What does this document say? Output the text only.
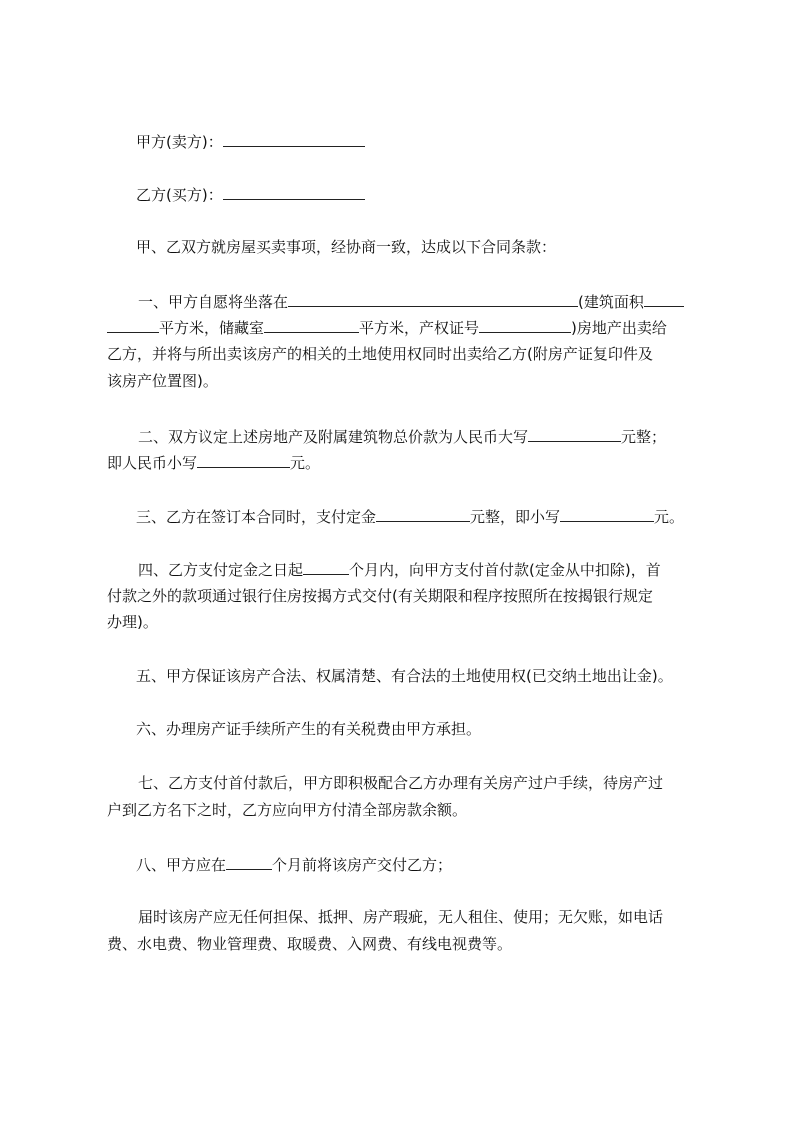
甲方(卖方)：
乙方(买方)：
甲、乙双方就房屋买卖事项，经协商一致，达成以下合同条款：
一、甲方自愿将坐落在	(建筑面积
平方米，储藏室	平方米，产权证号	)房地产出卖给
乙方，并将与所出卖该房产的相关的土地使用权同时出卖给乙方(附房产证复印件及
该房产位置图)。
二、双方议定上述房地产及附属建筑物总价款为人民币大写	元整；
即人民币小写	元。
三、乙方在签订本合同时，支付定金	元整，即小写	元。
四、乙方支付定金之日起	个月内，向甲方支付首付款(定金从中扣除)，首
付款之外的款项通过银行住房按揭方式交付(有关期限和程序按照所在按揭银行规定
办理)。
五、甲方保证该房产合法、权属清楚、有合法的土地使用权(已交纳土地出让金)。
六、办理房产证手续所产生的有关税费由甲方承担。
七、乙方支付首付款后，甲方即积极配合乙方办理有关房产过户手续，待房产过
户到乙方名下之时，乙方应向甲方付清全部房款余额。
八、甲方应在	个月前将该房产交付乙方；
届时该房产应无任何担保、抵押、房产瑕疵，无人租住、使用；无欠账，如电话
费、水电费、物业管理费、取暖费、入网费、有线电视费等。
